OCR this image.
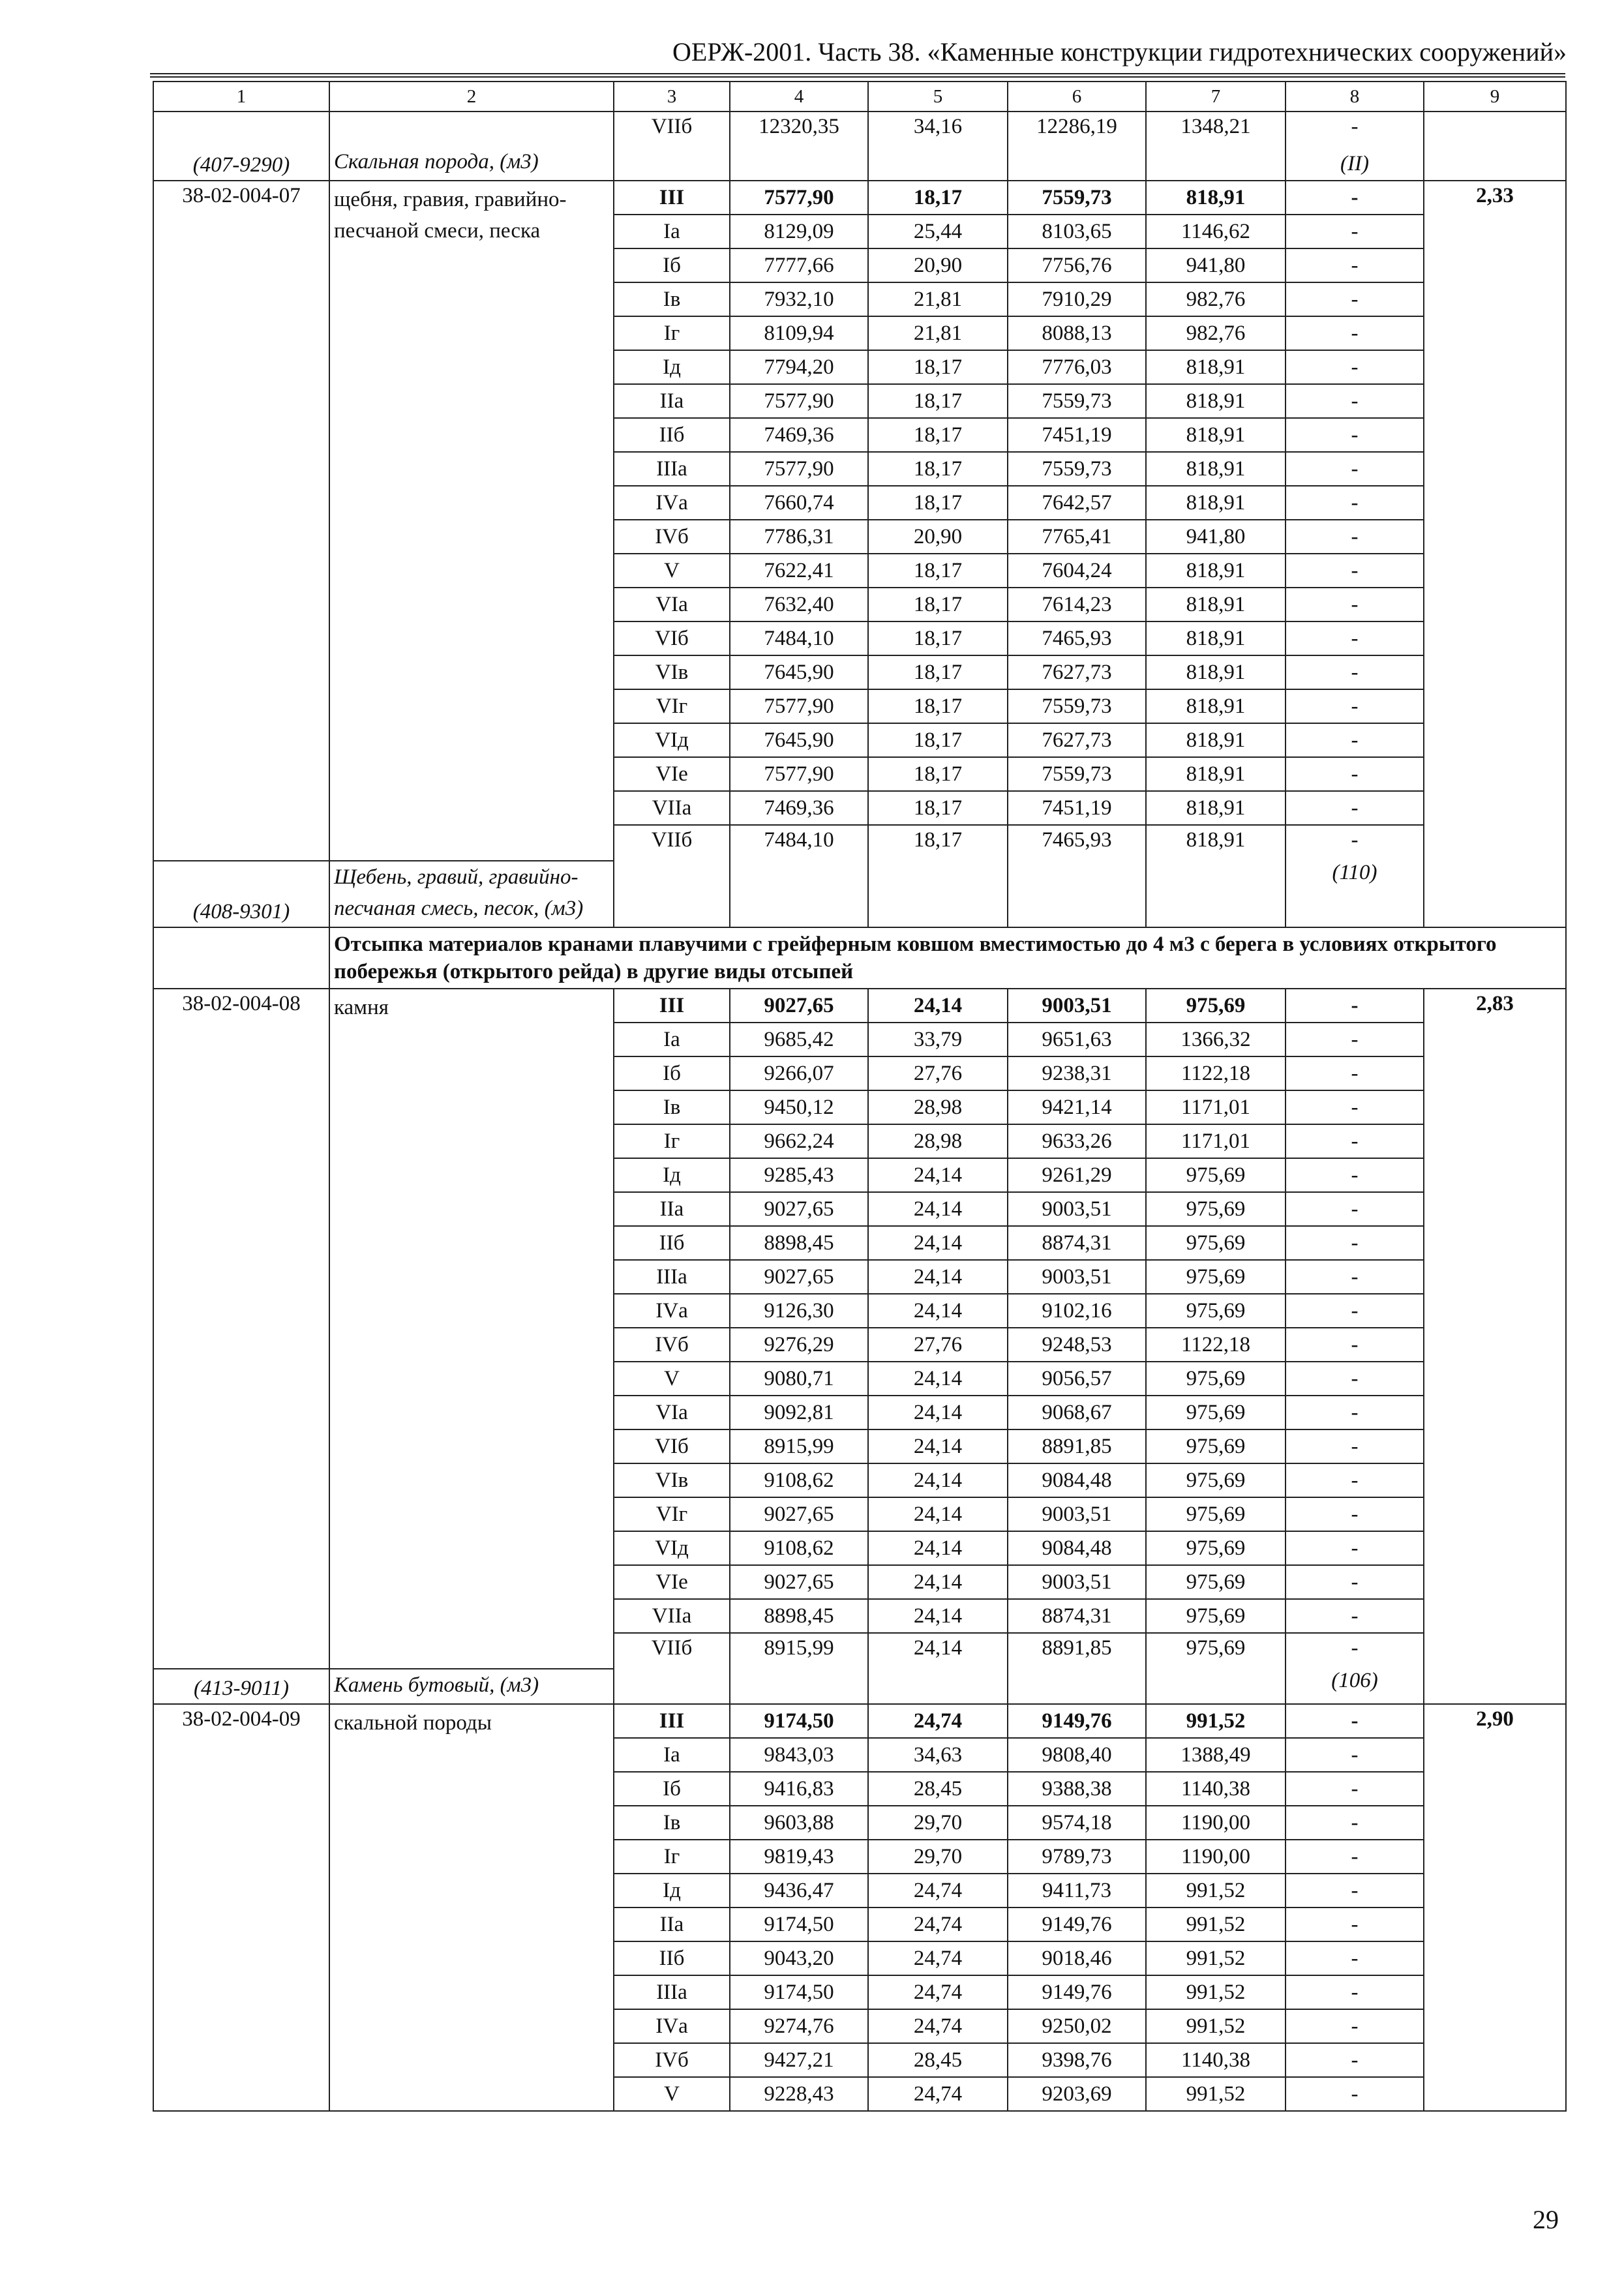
ОЕРЖ-2001. Часть 38. «Каменные конструкции гидротехнических сооружений»
1	2	3	4	5	6	7	8	9
(407-9290)	Скальная порода, (м3)	VIIб	12320,35	34,16	12286,19	1348,21	-	
							(II)	
38-02-004-07	щебня, гравия, гравийно-песчаной смеси, песка	III	7577,90	18,17	7559,73	818,91	-	2,33
		Iа	8129,09	25,44	8103,65	1146,62	-	
		Iб	7777,66	20,90	7756,76	941,80	-	
		Iв	7932,10	21,81	7910,29	982,76	-	
		Iг	8109,94	21,81	8088,13	982,76	-	
		Iд	7794,20	18,17	7776,03	818,91	-	
		IIа	7577,90	18,17	7559,73	818,91	-	
		IIб	7469,36	18,17	7451,19	818,91	-	
		IIIа	7577,90	18,17	7559,73	818,91	-	
		IVа	7660,74	18,17	7642,57	818,91	-	
		IVб	7786,31	20,90	7765,41	941,80	-	
		V	7622,41	18,17	7604,24	818,91	-	
		VIа	7632,40	18,17	7614,23	818,91	-	
		VIб	7484,10	18,17	7465,93	818,91	-	
		VIв	7645,90	18,17	7627,73	818,91	-	
		VIг	7577,90	18,17	7559,73	818,91	-	
		VIд	7645,90	18,17	7627,73	818,91	-	
		VIе	7577,90	18,17	7559,73	818,91	-	
		VIIа	7469,36	18,17	7451,19	818,91	-	
		VIIб	7484,10	18,17	7465,93	818,91	-	
(408-9301)	Щебень, гравий, гравийно-песчаная смесь, песок, (м3)						(110)	
	Отсыпка материалов кранами плавучими с грейферным ковшом вместимостью до 4 м3 с берега в условиях открытого побережья (открытого рейда) в другие виды отсыпей							
38-02-004-08	камня	III	9027,65	24,14	9003,51	975,69	-	2,83
		Iа	9685,42	33,79	9651,63	1366,32	-	
		Iб	9266,07	27,76	9238,31	1122,18	-	
		Iв	9450,12	28,98	9421,14	1171,01	-	
		Iг	9662,24	28,98	9633,26	1171,01	-	
		Iд	9285,43	24,14	9261,29	975,69	-	
		IIа	9027,65	24,14	9003,51	975,69	-	
		IIб	8898,45	24,14	8874,31	975,69	-	
		IIIа	9027,65	24,14	9003,51	975,69	-	
		IVа	9126,30	24,14	9102,16	975,69	-	
		IVб	9276,29	27,76	9248,53	1122,18	-	
		V	9080,71	24,14	9056,57	975,69	-	
		VIа	9092,81	24,14	9068,67	975,69	-	
		VIб	8915,99	24,14	8891,85	975,69	-	
		VIв	9108,62	24,14	9084,48	975,69	-	
		VIг	9027,65	24,14	9003,51	975,69	-	
		VIд	9108,62	24,14	9084,48	975,69	-	
		VIе	9027,65	24,14	9003,51	975,69	-	
		VIIа	8898,45	24,14	8874,31	975,69	-	
		VIIб	8915,99	24,14	8891,85	975,69	-	
(413-9011)	Камень бутовый, (м3)						(106)	
38-02-004-09	скальной породы	III	9174,50	24,74	9149,76	991,52	-	2,90
		Iа	9843,03	34,63	9808,40	1388,49	-	
		Iб	9416,83	28,45	9388,38	1140,38	-	
		Iв	9603,88	29,70	9574,18	1190,00	-	
		Iг	9819,43	29,70	9789,73	1190,00	-	
		Iд	9436,47	24,74	9411,73	991,52	-	
		IIа	9174,50	24,74	9149,76	991,52	-	
		IIб	9043,20	24,74	9018,46	991,52	-	
		IIIа	9174,50	24,74	9149,76	991,52	-	
		IVа	9274,76	24,74	9250,02	991,52	-	
		IVб	9427,21	28,45	9398,76	1140,38	-	
		V	9228,43	24,74	9203,69	991,52	-	
29
